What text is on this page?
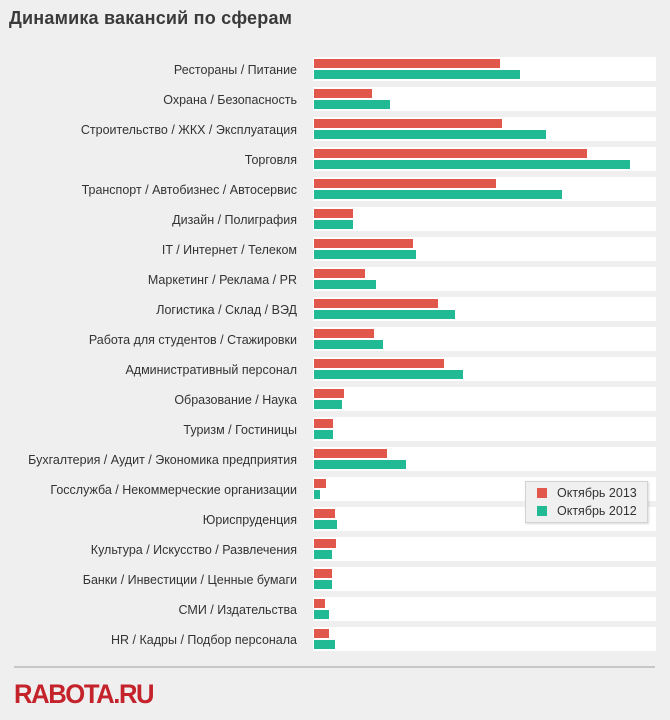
Динамика вакансий по сферам
Рестораны / Питание
Охрана / Безопасность
Строительство / ЖКХ / Эксплуатация
Торговля
Транспорт / Автобизнес / Автосервис
Дизайн / Полиграфия
IT / Интернет / Телеком
Маркетинг / Реклама / PR
Логистика / Склад / ВЭД
Работа для студентов / Стажировки
Административный персонал
Образование / Наука
Туризм / Гостиницы
Бухгалтерия / Аудит / Экономика предприятия
Госслужба / Некоммерческие организации
Юриспруденция
Культура / Искусство / Развлечения
Банки / Инвестиции / Ценные бумаги
СМИ / Издательства
HR / Кадры / Подбор персонала
Октябрь 2013
Октябрь 2012
RABOTA.RU
